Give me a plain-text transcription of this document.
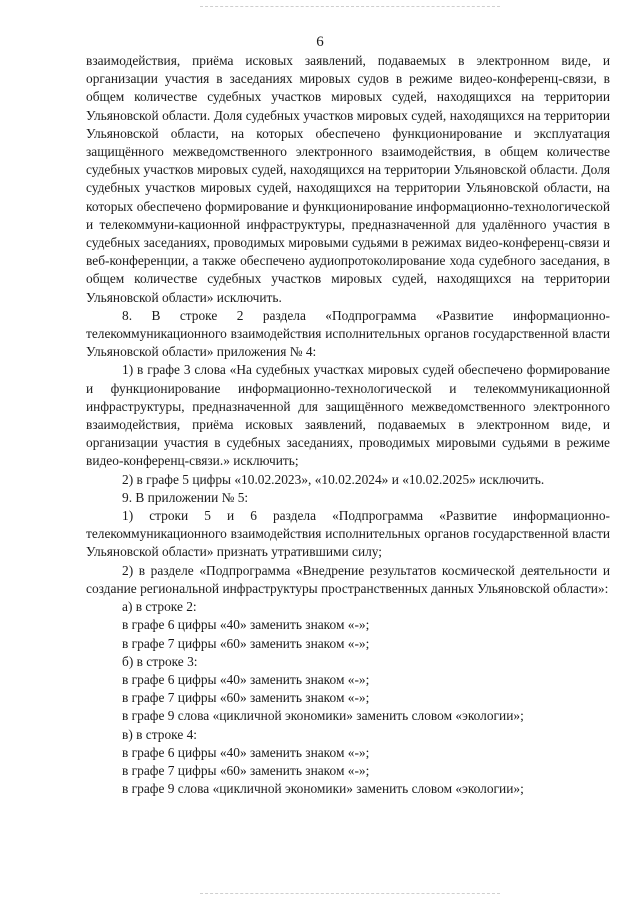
6

взаимодействия, приёма исковых заявлений, подаваемых в электронном виде, и организации участия в заседаниях мировых судов в режиме видео-конференц-связи, в общем количестве судебных участков мировых судей, находящихся на территории Ульяновской области. Доля судебных участков мировых судей, находящихся на территории Ульяновской области, на которых обеспечено функционирование и эксплуатация защищённого межведомственного электронного взаимодействия, в общем количестве судебных участков мировых судей, находящихся на территории Ульяновской области. Доля судебных участков мировых судей, находящихся на территории Ульяновской области, на которых обеспечено формирование и функционирование информационно-технологической и телекоммуни-кационной инфраструктуры, предназначенной для удалённого участия в судебных заседаниях, проводимых мировыми судьями в режимах видео-конференц-связи и веб-конференции, а также обеспечено аудиопротоколирование хода судебного заседания, в общем количестве судебных участков мировых судей, находящихся на территории Ульяновской области» исключить.

8. В строке 2 раздела «Подпрограмма «Развитие информационно-телекоммуникационного взаимодействия исполнительных органов государственной власти Ульяновской области» приложения № 4:

1) в графе 3 слова «На судебных участках мировых судей обеспечено формирование и функционирование информационно-технологической и телекоммуникационной инфраструктуры, предназначенной для защищённого межведомственного электронного взаимодействия, приёма исковых заявлений, подаваемых в электронном виде, и организации участия в судебных заседаниях, проводимых мировыми судьями в режиме видео-конференц-связи.» исключить;

2) в графе 5 цифры «10.02.2023», «10.02.2024» и «10.02.2025» исключить.

9. В приложении № 5:

1) строки 5 и 6 раздела «Подпрограмма «Развитие информационно-телекоммуникационного взаимодействия исполнительных органов государственной власти Ульяновской области» признать утратившими силу;

2) в разделе «Подпрограмма «Внедрение результатов космической деятельности и создание региональной инфраструктуры пространственных данных Ульяновской области»:

а) в строке 2:

в графе 6 цифры «40» заменить знаком «-»;

в графе 7 цифры «60» заменить знаком «-»;

б) в строке 3:

в графе 6 цифры «40» заменить знаком «-»;

в графе 7 цифры «60» заменить знаком «-»;

в графе 9 слова «цикличной экономики» заменить словом «экологии»;

в) в строке 4:

в графе 6 цифры «40» заменить знаком «-»;

в графе 7 цифры «60» заменить знаком «-»;

в графе 9 слова «цикличной экономики» заменить словом «экологии»;
